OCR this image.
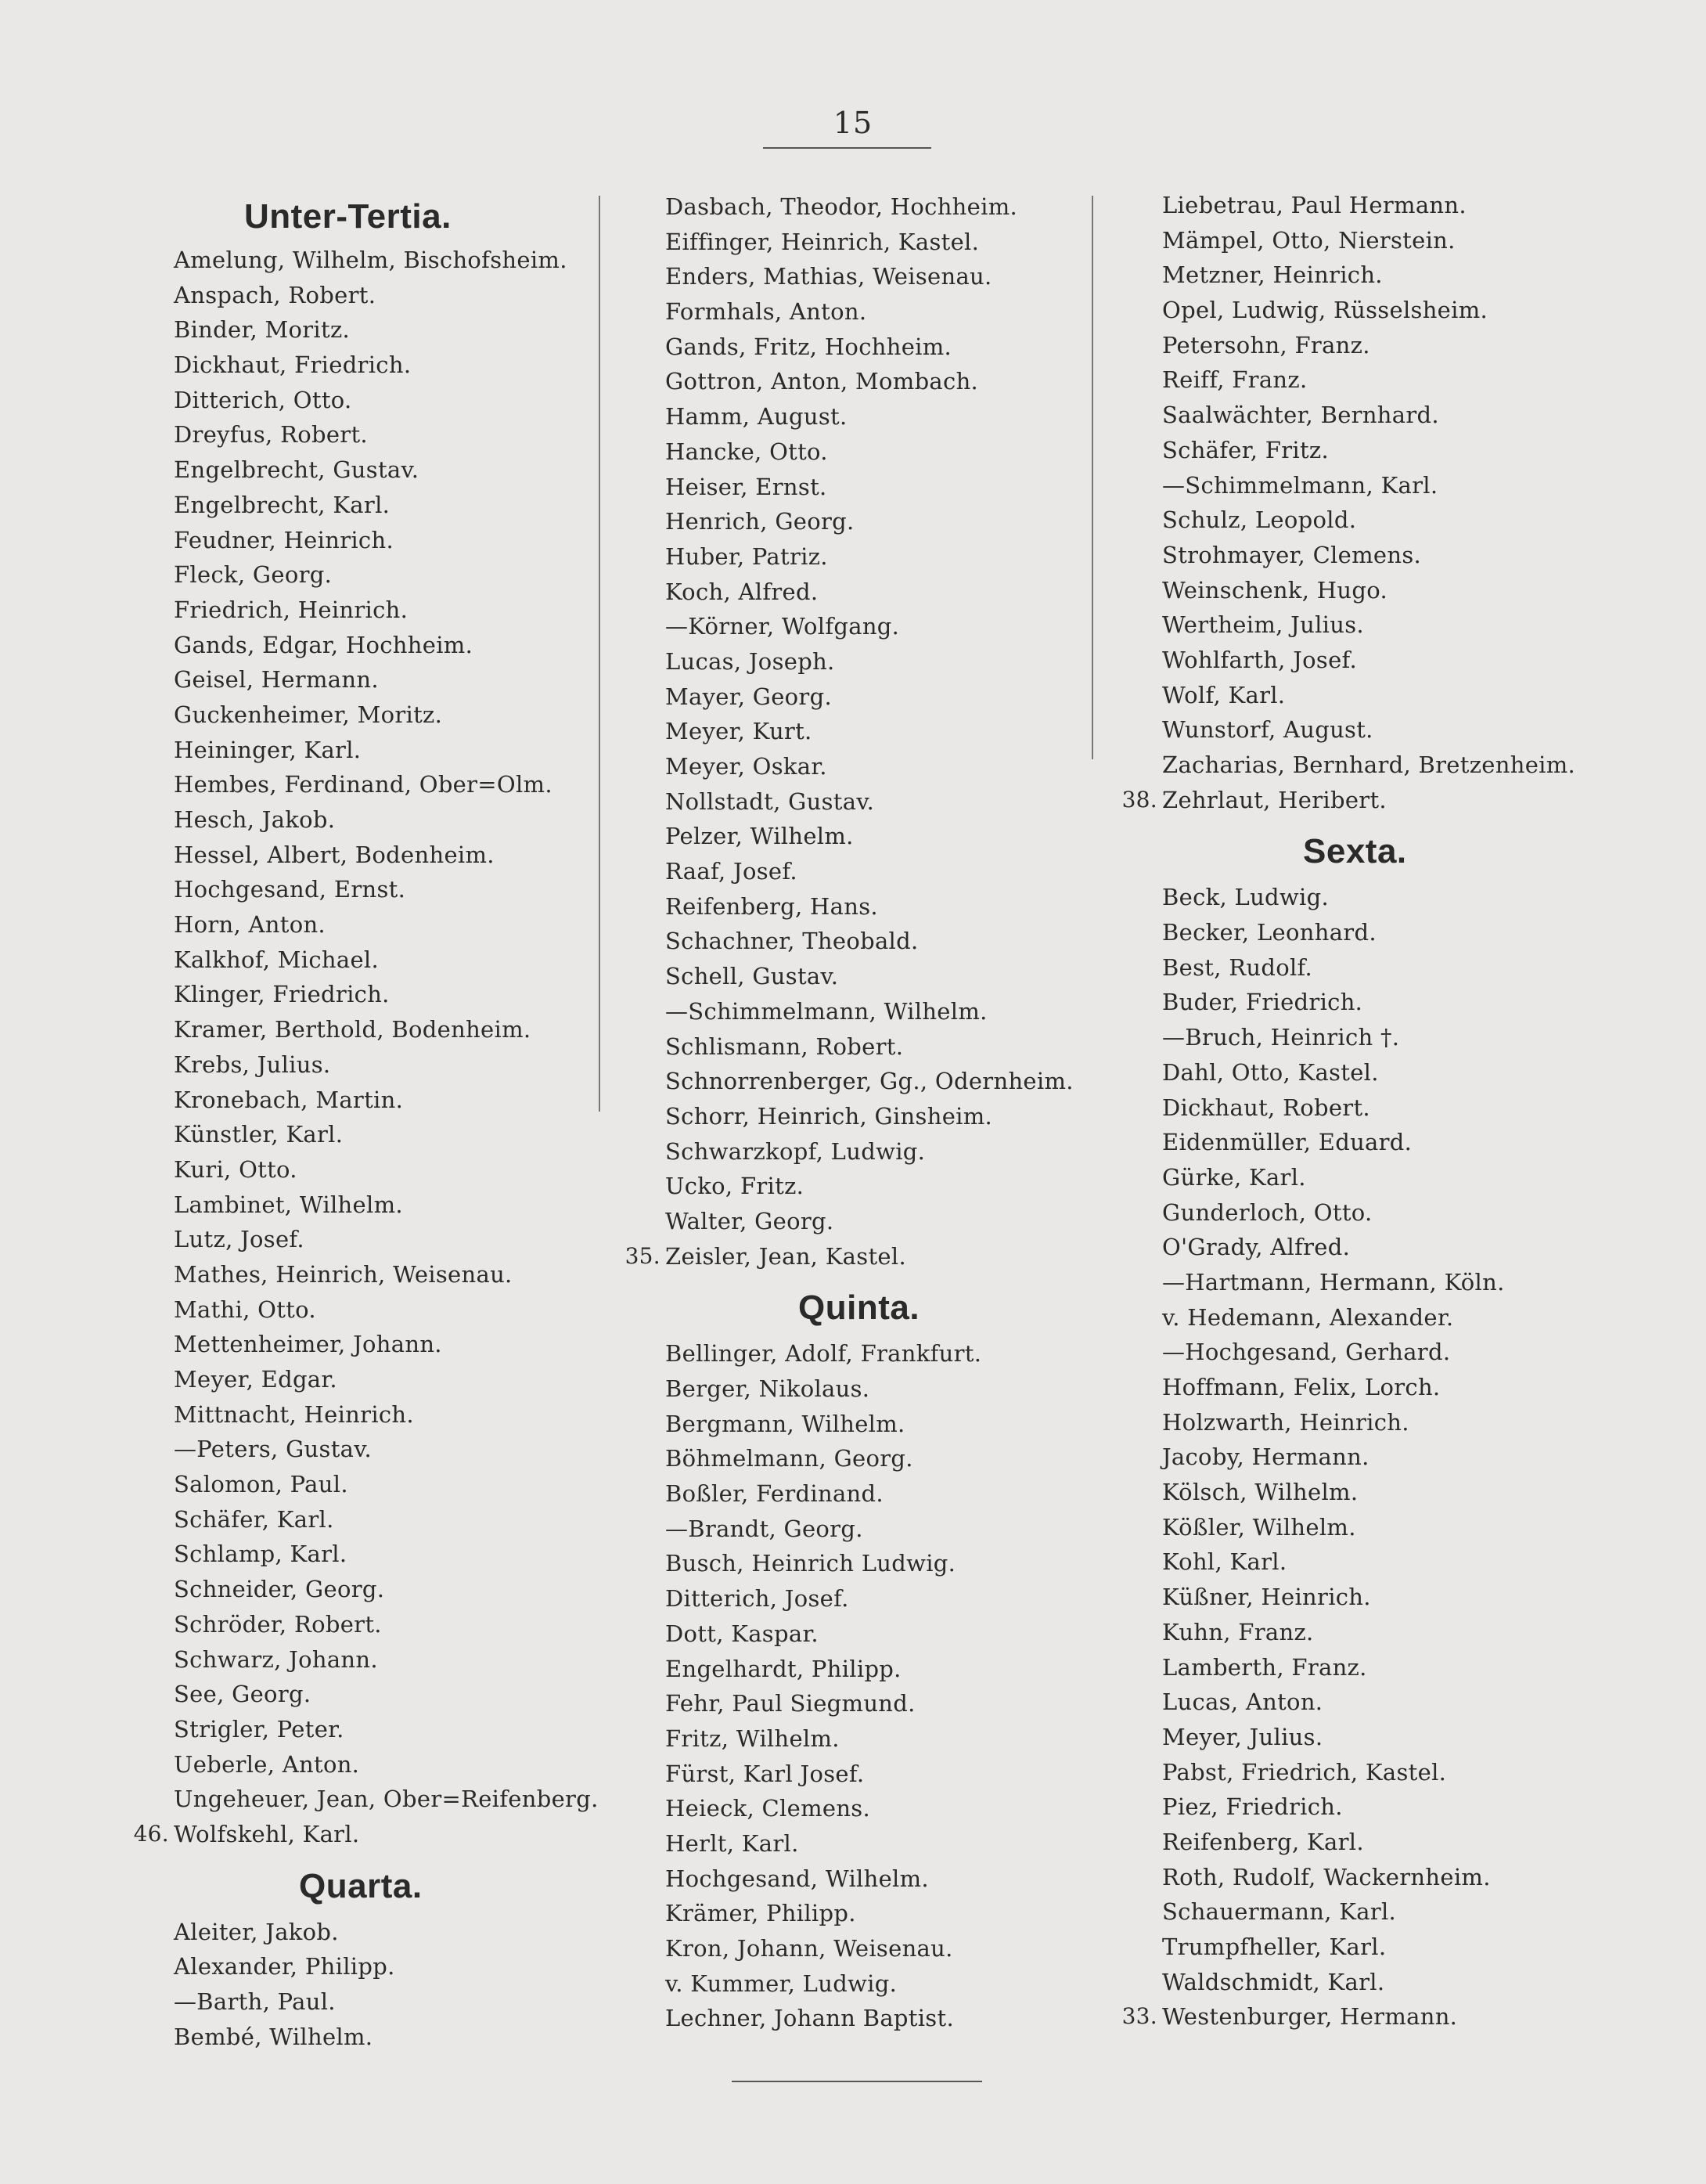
15
Unter-Tertia.
Amelung, Wilhelm, Bischofsheim.
Anspach, Robert.
Binder, Moritz.
Dickhaut, Friedrich.
Ditterich, Otto.
Dreyfus, Robert.
Engelbrecht, Gustav.
Engelbrecht, Karl.
Feudner, Heinrich.
Fleck, Georg.
Friedrich, Heinrich.
Gands, Edgar, Hochheim.
Geisel, Hermann.
Guckenheimer, Moritz.
Heininger, Karl.
Hembes, Ferdinand, Ober=Olm.
Hesch, Jakob.
Hessel, Albert, Bodenheim.
Hochgesand, Ernst.
Horn, Anton.
Kalkhof, Michael.
Klinger, Friedrich.
Kramer, Berthold, Bodenheim.
Krebs, Julius.
Kronebach, Martin.
Künstler, Karl.
Kuri, Otto.
Lambinet, Wilhelm.
Lutz, Josef.
Mathes, Heinrich, Weisenau.
Mathi, Otto.
Mettenheimer, Johann.
Meyer, Edgar.
Mittnacht, Heinrich.
—Peters, Gustav.
Salomon, Paul.
Schäfer, Karl.
Schlamp, Karl.
Schneider, Georg.
Schröder, Robert.
Schwarz, Johann.
See, Georg.
Strigler, Peter.
Ueberle, Anton.
Ungeheuer, Jean, Ober=Reifenberg.
Wolfskehl, Karl.
46.
Quarta.
Aleiter, Jakob.
Alexander, Philipp.
—Barth, Paul.
Bembé, Wilhelm.
Dasbach, Theodor, Hochheim.
Eiffinger, Heinrich, Kastel.
Enders, Mathias, Weisenau.
Formhals, Anton.
Gands, Fritz, Hochheim.
Gottron, Anton, Mombach.
Hamm, August.
Hancke, Otto.
Heiser, Ernst.
Henrich, Georg.
Huber, Patriz.
Koch, Alfred.
—Körner, Wolfgang.
Lucas, Joseph.
Mayer, Georg.
Meyer, Kurt.
Meyer, Oskar.
Nollstadt, Gustav.
Pelzer, Wilhelm.
Raaf, Josef.
Reifenberg, Hans.
Schachner, Theobald.
Schell, Gustav.
—Schimmelmann, Wilhelm.
Schlismann, Robert.
Schnorrenberger, Gg., Odernheim.
Schorr, Heinrich, Ginsheim.
Schwarzkopf, Ludwig.
Ucko, Fritz.
Walter, Georg.
Zeisler, Jean, Kastel.
35.
Quinta.
Bellinger, Adolf, Frankfurt.
Berger, Nikolaus.
Bergmann, Wilhelm.
Böhmelmann, Georg.
Boßler, Ferdinand.
—Brandt, Georg.
Busch, Heinrich Ludwig.
Ditterich, Josef.
Dott, Kaspar.
Engelhardt, Philipp.
Fehr, Paul Siegmund.
Fritz, Wilhelm.
Fürst, Karl Josef.
Heieck, Clemens.
Herlt, Karl.
Hochgesand, Wilhelm.
Krämer, Philipp.
Kron, Johann, Weisenau.
v. Kummer, Ludwig.
Lechner, Johann Baptist.
Liebetrau, Paul Hermann.
Mämpel, Otto, Nierstein.
Metzner, Heinrich.
Opel, Ludwig, Rüsselsheim.
Petersohn, Franz.
Reiff, Franz.
Saalwächter, Bernhard.
Schäfer, Fritz.
—Schimmelmann, Karl.
Schulz, Leopold.
Strohmayer, Clemens.
Weinschenk, Hugo.
Wertheim, Julius.
Wohlfarth, Josef.
Wolf, Karl.
Wunstorf, August.
Zacharias, Bernhard, Bretzenheim.
Zehrlaut, Heribert.
38.
Sexta.
Beck, Ludwig.
Becker, Leonhard.
Best, Rudolf.
Buder, Friedrich.
—Bruch, Heinrich †.
Dahl, Otto, Kastel.
Dickhaut, Robert.
Eidenmüller, Eduard.
Gürke, Karl.
Gunderloch, Otto.
O'Grady, Alfred.
—Hartmann, Hermann, Köln.
v. Hedemann, Alexander.
—Hochgesand, Gerhard.
Hoffmann, Felix, Lorch.
Holzwarth, Heinrich.
Jacoby, Hermann.
Kölsch, Wilhelm.
Kößler, Wilhelm.
Kohl, Karl.
Küßner, Heinrich.
Kuhn, Franz.
Lamberth, Franz.
Lucas, Anton.
Meyer, Julius.
Pabst, Friedrich, Kastel.
Piez, Friedrich.
Reifenberg, Karl.
Roth, Rudolf, Wackernheim.
Schauermann, Karl.
Trumpfheller, Karl.
Waldschmidt, Karl.
Westenburger, Hermann.
33.
